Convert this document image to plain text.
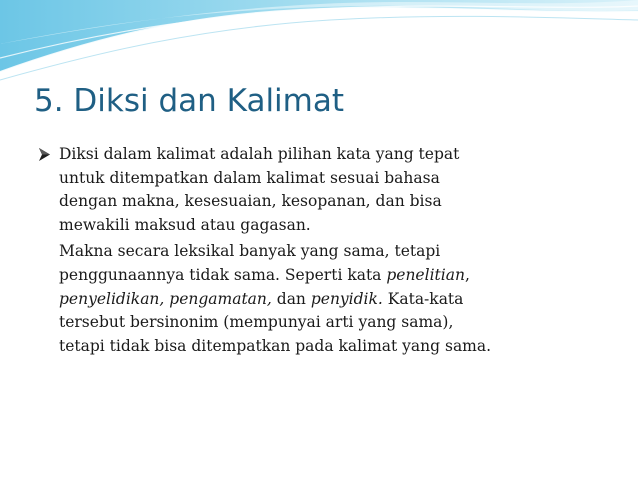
5. Diksi dan Kalimat

Diksi dalam kalimat adalah pilihan kata yang tepat
untuk ditempatkan dalam kalimat sesuai bahasa
dengan makna, kesesuaian, kesopanan, dan bisa
mewakili maksud atau gagasan.

Makna secara leksikal banyak yang sama, tetapi
penggunaannya tidak sama. Seperti kata penelitian,
penyelidikan, pengamatan, dan penyidik. Kata-kata
tersebut bersinonim (mempunyai arti yang sama),
tetapi tidak bisa ditempatkan pada kalimat yang sama.
